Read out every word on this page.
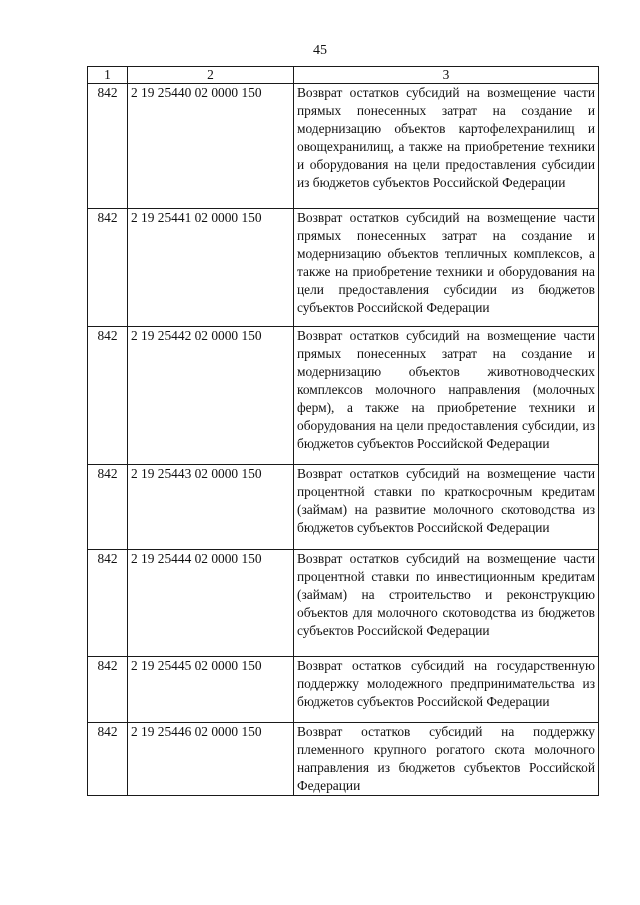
45
1	2	3
842	2 19 25440 02 0000 150	Возврат остатков субсидий на возмещение части прямых понесенных затрат на создание и модернизацию объектов картофелехранилищ и овощехранилищ, а также на приобретение техники и оборудования на цели предоставления субсидии из бюджетов субъектов Российской Федерации
842	2 19 25441 02 0000 150	Возврат остатков субсидий на возмещение части прямых понесенных затрат на создание и модернизацию объектов тепличных комплексов, а также на приобретение техники и оборудования на цели предоставления субсидии из бюджетов субъектов Российской Федерации
842	2 19 25442 02 0000 150	Возврат остатков субсидий на возмещение части прямых понесенных затрат на создание и модернизацию объектов животноводческих комплексов молочного направления (молочных ферм), а также на приобретение техники и оборудования на цели предоставления субсидии, из бюджетов субъектов Российской Федерации
842	2 19 25443 02 0000 150	Возврат остатков субсидий на возмещение части процентной ставки по краткосрочным кредитам (займам) на развитие молочного скотоводства из бюджетов субъектов Российской Федерации
842	2 19 25444 02 0000 150	Возврат остатков субсидий на возмещение части процентной ставки по инвестиционным кредитам (займам) на строительство и реконструкцию объектов для молочного скотоводства из бюджетов субъектов Российской Федерации
842	2 19 25445 02 0000 150	Возврат остатков субсидий на государственную поддержку молодежного предпринимательства из бюджетов субъектов Российской Федерации
842	2 19 25446 02 0000 150	Возврат остатков субсидий на поддержку племенного крупного рогатого скота молочного направления из бюджетов субъектов Российской Федерации
